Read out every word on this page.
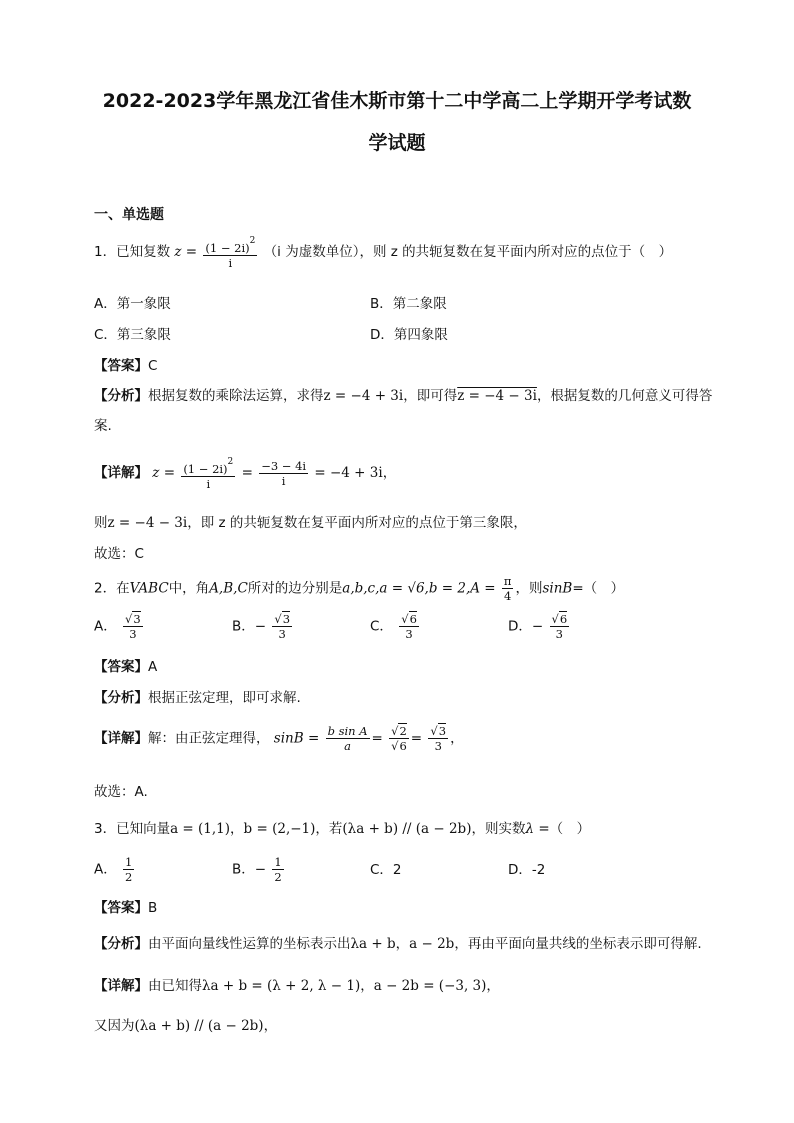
2022-2023学年黑龙江省佳木斯市第十二中学高二上学期开学考试数
学试题
一、单选题
1．已知复数 $z = \frac{(1 - 2i)^2}{i} (i$ 为虚数单位），则 z 的共轭复数在复平面内所对应的点位于（　）
A．第一象限	B．第二象限
C．第三象限	D．第四象限
【答案】C
【分析】根据复数的乘除法运算，求得z = −4 + 3i，即可得z = −4 − 3i，根据复数的几何意义可得答
案.
【详解】 $z = \frac{(1 - 2i)^2}{i} = \frac{-3 - 4i}{i} = -4 + 3i$，
则z = −4 − 3i，即 z 的共轭复数在复平面内所对应的点位于第三象限，
故选：C
2．在VABC中，角A,B,C所对的边分别是$a,b,c,a = √6,b = 2,A = \frac{\pi}{4}$ ，则sinB=（　）
A． $\frac{√3}{3}$	B．− $\frac{√3}{3}$	C． $\frac{√6}{3}$	D．− $\frac{√6}{3}$
【答案】A
【分析】根据正弦定理，即可求解.
【详解】解：由正弦定理得， $\sin B = \frac{\text{b sin A}}{a} = \frac{√2}{√6} = \frac{√3}{3}$ ，
故选：A.
3．已知向量a = (1,1)，b = (2,−1)，若(λa + b) // (a − 2b)，则实数λ =（　）
A． $\frac{1}{2}$	B．− $\frac{1}{2}$	C．2	D．-2
【答案】B
【分析】由平面向量线性运算的坐标表示出λa + b，a − 2b，再由平面向量共线的坐标表示即可得解.
【详解】由已知得λa + b = (λ + 2, λ − 1)，a − 2b = (−3, 3)，
又因为(λa + b) // (a − 2b)，
